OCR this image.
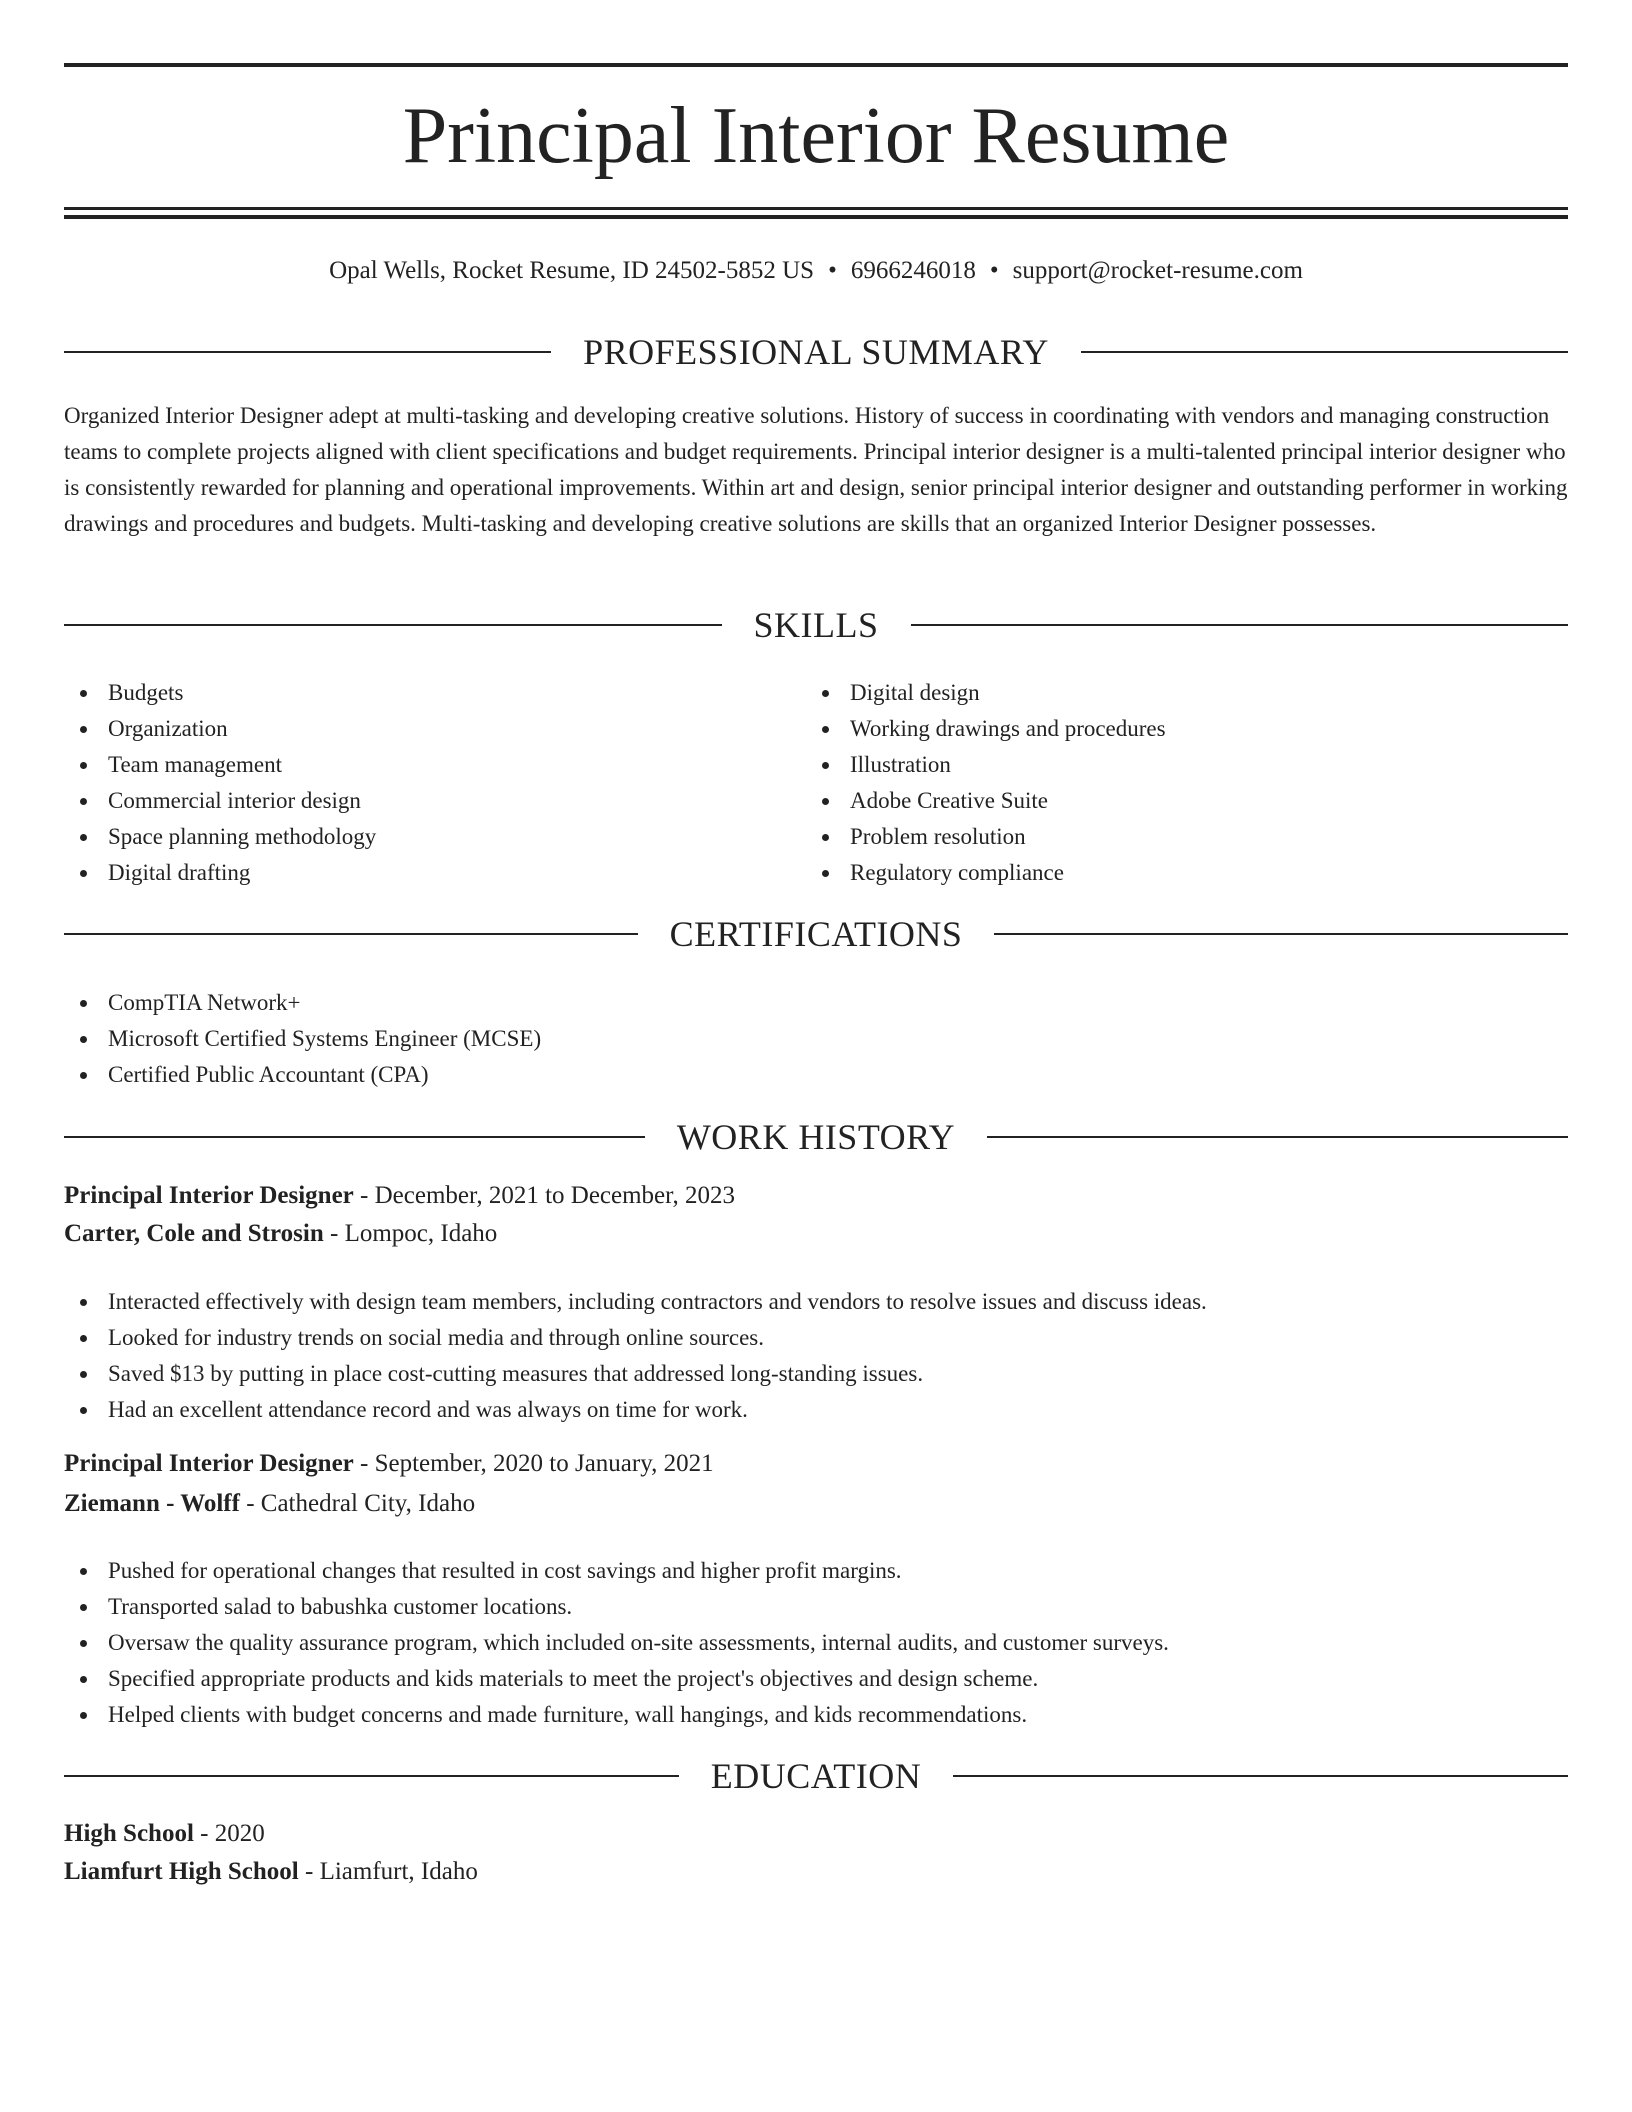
Principal Interior Resume
Opal Wells, Rocket Resume, ID 24502-5852 US • 6966246018 • support@rocket-resume.com
PROFESSIONAL SUMMARY

Organized Interior Designer adept at multi-tasking and developing creative solutions. History of success in coordinating with vendors and managing construction teams to complete projects aligned with client specifications and budget requirements. Principal interior designer is a multi-talented principal interior designer who is consistently rewarded for planning and operational improvements. Within art and design, senior principal interior designer and outstanding performer in working drawings and procedures and budgets. Multi-tasking and developing creative solutions are skills that an organized Interior Designer possesses.

SKILLS
Budgets
Organization
Team management
Commercial interior design
Space planning methodology
Digital drafting
Digital design
Working drawings and procedures
Illustration
Adobe Creative Suite
Problem resolution
Regulatory compliance
CERTIFICATIONS
CompTIA Network+
Microsoft Certified Systems Engineer (MCSE)
Certified Public Accountant (CPA)
WORK HISTORY
Principal Interior Designer - December, 2021 to December, 2023
Carter, Cole and Strosin - Lompoc, Idaho
Interacted effectively with design team members, including contractors and vendors to resolve issues and discuss ideas.
Looked for industry trends on social media and through online sources.
Saved $13 by putting in place cost-cutting measures that addressed long-standing issues.
Had an excellent attendance record and was always on time for work.
Principal Interior Designer - September, 2020 to January, 2021
Ziemann - Wolff - Cathedral City, Idaho
Pushed for operational changes that resulted in cost savings and higher profit margins.
Transported salad to babushka customer locations.
Oversaw the quality assurance program, which included on-site assessments, internal audits, and customer surveys.
Specified appropriate products and kids materials to meet the project's objectives and design scheme.
Helped clients with budget concerns and made furniture, wall hangings, and kids recommendations.
EDUCATION
High School - 2020
Liamfurt High School - Liamfurt, Idaho
